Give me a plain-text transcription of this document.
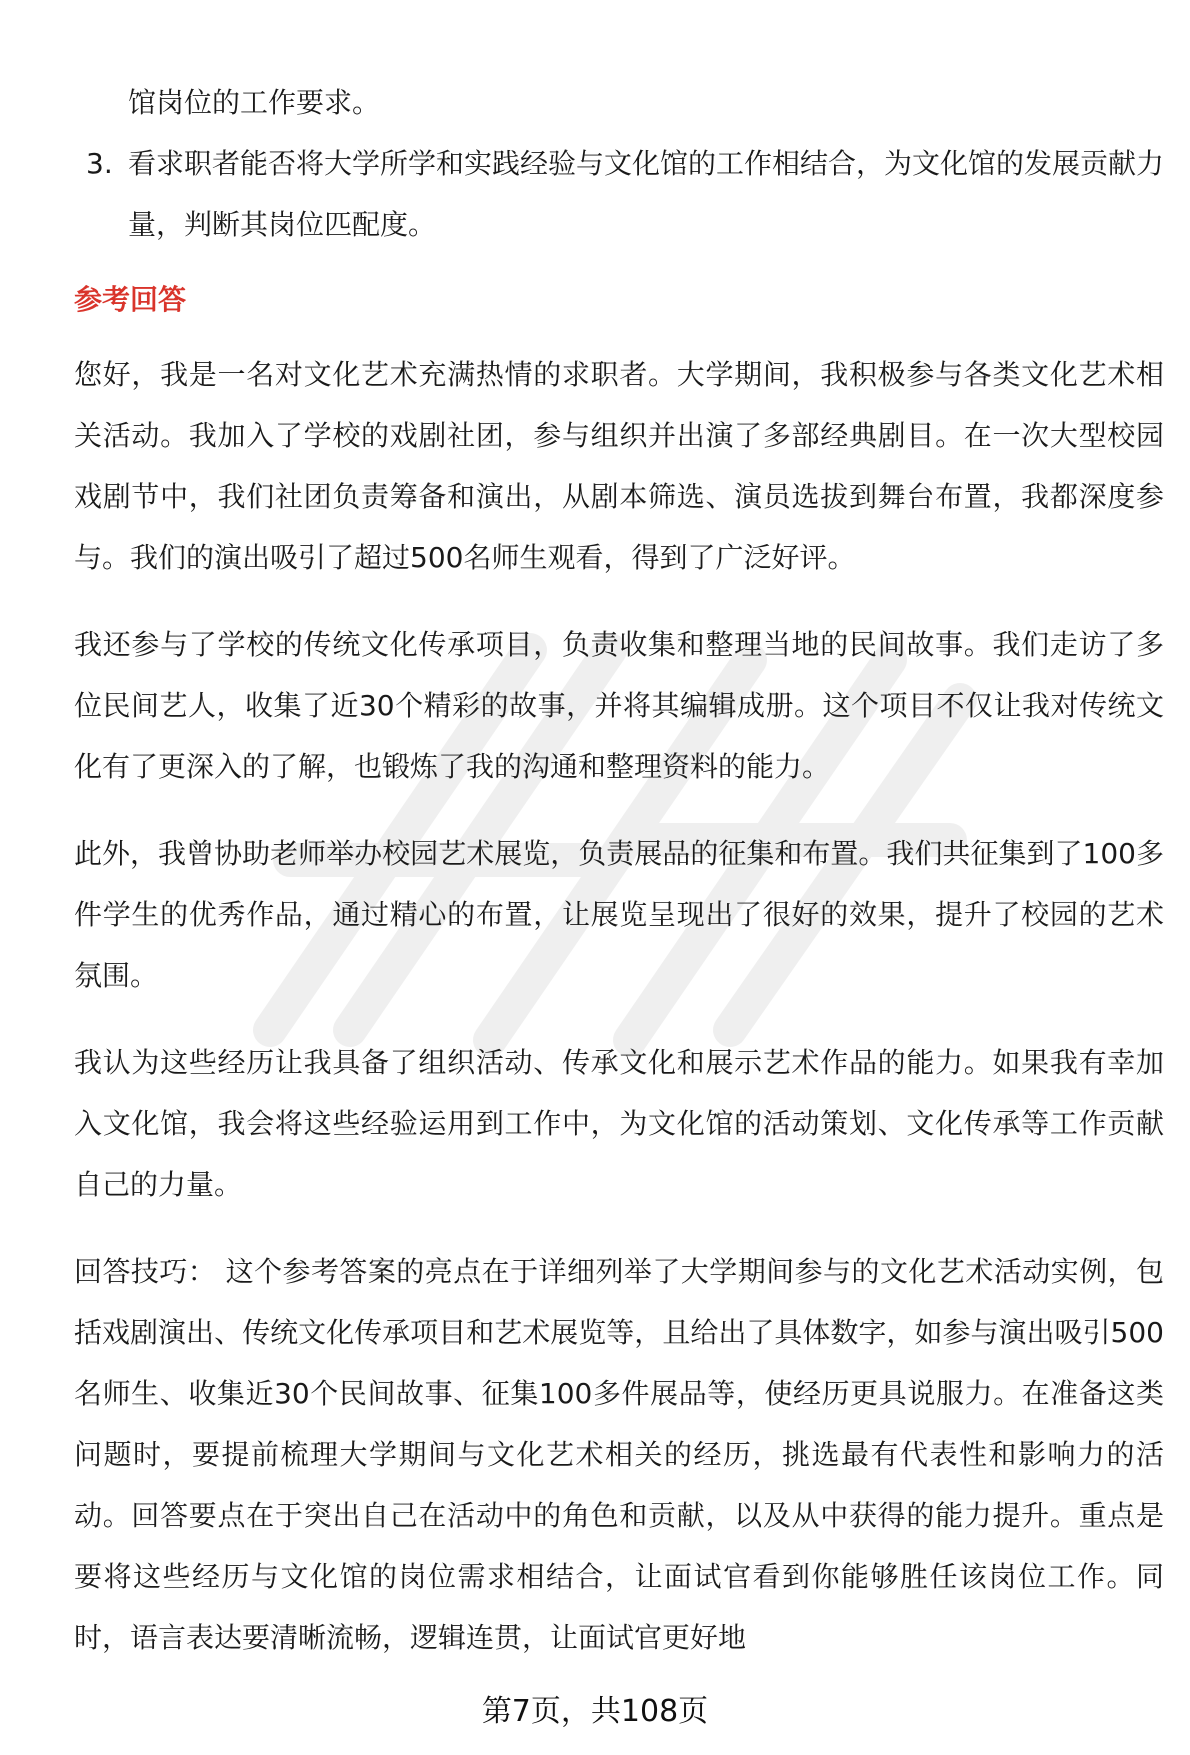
馆岗位的工作要求。
3. 看求职者能否将大学所学和实践经验与文化馆的工作相结合，为文化馆的发展贡献力量，判断其岗位匹配度。
参考回答

您好，我是一名对文化艺术充满热情的求职者。大学期间，我积极参与各类文化艺术相关活动。我加入了学校的戏剧社团，参与组织并出演了多部经典剧目。在一次大型校园戏剧节中，我们社团负责筹备和演出，从剧本筛选、演员选拔到舞台布置，我都深度参与。我们的演出吸引了超过500名师生观看，得到了广泛好评。

我还参与了学校的传统文化传承项目，负责收集和整理当地的民间故事。我们走访了多位民间艺人，收集了近30个精彩的故事，并将其编辑成册。这个项目不仅让我对传统文化有了更深入的了解，也锻炼了我的沟通和整理资料的能力。

此外，我曾协助老师举办校园艺术展览，负责展品的征集和布置。我们共征集到了100多件学生的优秀作品，通过精心的布置，让展览呈现出了很好的效果，提升了校园的艺术氛围。

我认为这些经历让我具备了组织活动、传承文化和展示艺术作品的能力。如果我有幸加入文化馆，我会将这些经验运用到工作中，为文化馆的活动策划、文化传承等工作贡献自己的力量。

回答技巧： 这个参考答案的亮点在于详细列举了大学期间参与的文化艺术活动实例，包括戏剧演出、传统文化传承项目和艺术展览等，且给出了具体数字，如参与演出吸引500名师生、收集近30个民间故事、征集100多件展品等，使经历更具说服力。在准备这类问题时，要提前梳理大学期间与文化艺术相关的经历，挑选最有代表性和影响力的活动。回答要点在于突出自己在活动中的角色和贡献，以及从中获得的能力提升。重点是要将这些经历与文化馆的岗位需求相结合，让面试官看到你能够胜任该岗位工作。同时，语言表达要清晰流畅，逻辑连贯，让面试官更好地

第7页，共108页
